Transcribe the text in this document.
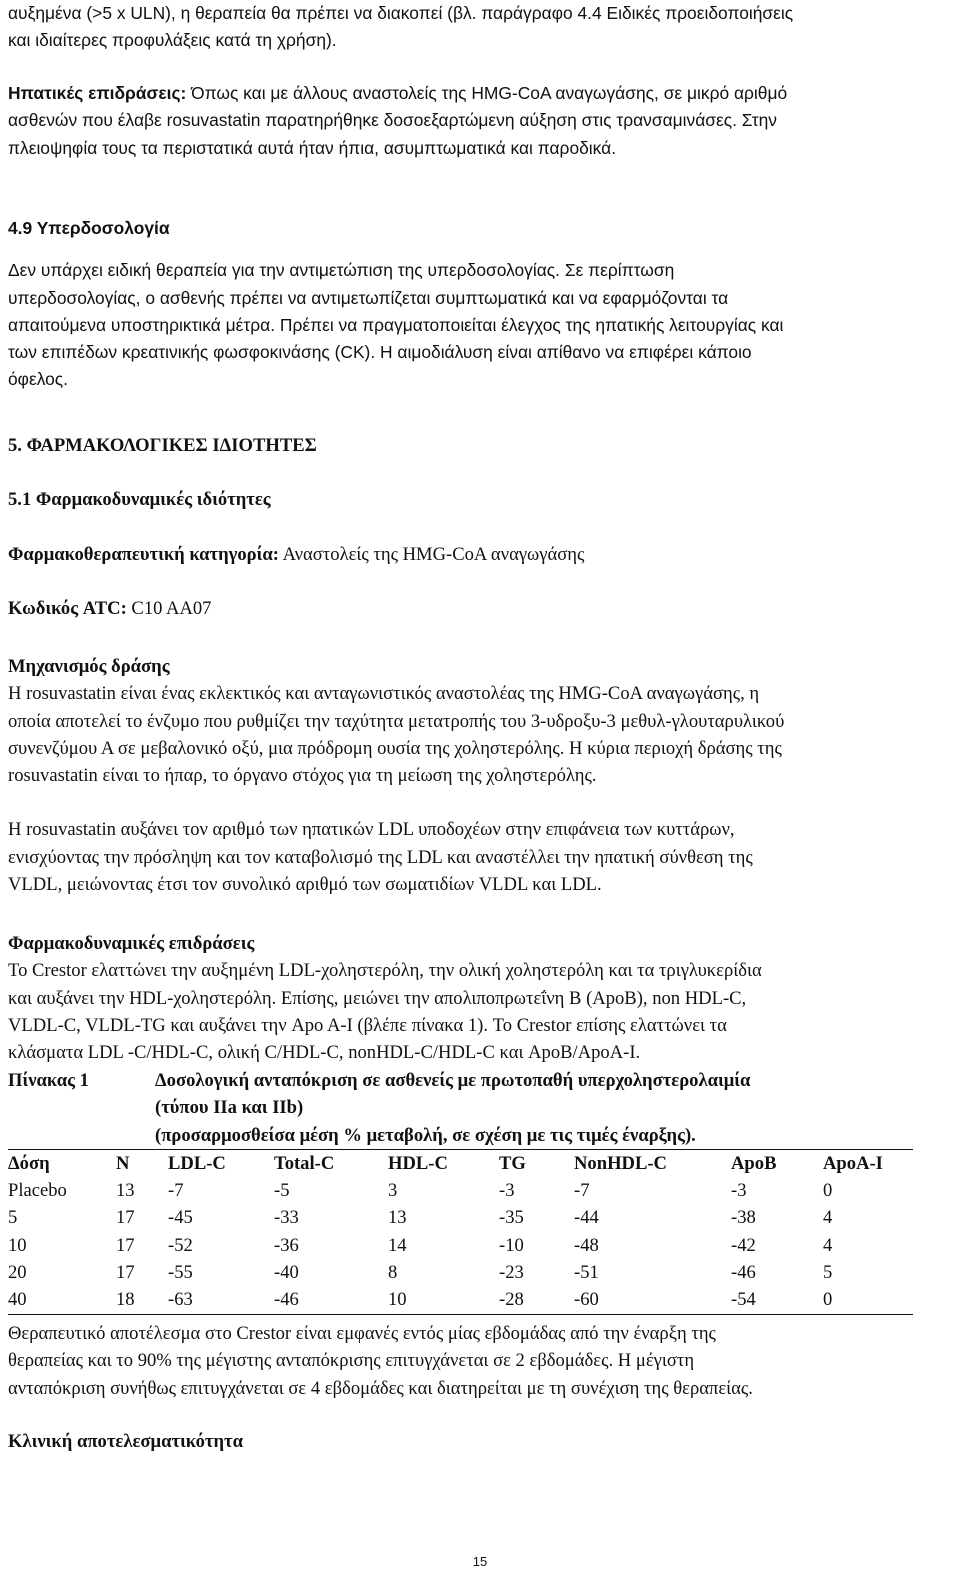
αυξημένα (>5 x ULN), η θεραπεία θα πρέπει να διακοπεί (βλ. παράγραφο 4.4 Ειδικές προειδοποιήσεις
και ιδιαίτερες προφυλάξεις κατά τη χρήση).
Ηπατικές επιδράσεις: Όπως και με άλλους αναστολείς της HMG-CoA αναγωγάσης, σε μικρό αριθμό
ασθενών που έλαβε rosuvastatin παρατηρήθηκε δοσοεξαρτώμενη αύξηση στις τρανσαμινάσες. Στην
πλειοψηφία τους τα περιστατικά αυτά ήταν ήπια, ασυμπτωματικά και παροδικά.
4.9 Υπερδοσολογία
Δεν υπάρχει ειδική θεραπεία για την αντιμετώπιση της υπερδοσολογίας. Σε περίπτωση
υπερδοσολογίας, ο ασθενής πρέπει να αντιμετωπίζεται συμπτωματικά και να εφαρμόζονται τα
απαιτούμενα υποστηρικτικά μέτρα. Πρέπει να πραγματοποιείται έλεγχος της ηπατικής λειτουργίας και
των επιπέδων κρεατινικής φωσφοκινάσης (CK). Η αιμοδιάλυση είναι απίθανο να επιφέρει κάποιο
όφελος.
5. ΦΑΡΜΑΚΟΛΟΓΙΚΕΣ ΙΔΙΟΤΗΤΕΣ
5.1 Φαρμακοδυναμικές ιδιότητες
Φαρμακοθεραπευτική κατηγορία: Αναστολείς της HMG-CoA αναγωγάσης
Κωδικός ATC: C10 AA07
Μηχανισμός δράσης
Η rosuvastatin είναι ένας εκλεκτικός και ανταγωνιστικός αναστολέας της HMG-CoA αναγωγάσης, η
οποία αποτελεί το ένζυμο που ρυθμίζει την ταχύτητα μετατροπής του 3-υδροξυ-3 μεθυλ-γλουταρυλικού
συνενζύμου Α σε μεβαλονικό οξύ, μια πρόδρομη ουσία της χοληστερόλης. Η κύρια περιοχή δράσης της
rosuvastatin είναι το ήπαρ, το όργανο στόχος για τη μείωση της χοληστερόλης.
Η rosuvastatin αυξάνει τον αριθμό των ηπατικών LDL υποδοχέων στην επιφάνεια των κυττάρων,
ενισχύοντας την πρόσληψη και τον καταβολισμό της LDL και αναστέλλει την ηπατική σύνθεση της
VLDL, μειώνοντας έτσι τον συνολικό αριθμό των σωματιδίων VLDL και LDL.
Φαρμακοδυναμικές επιδράσεις
Το Crestor ελαττώνει την αυξημένη LDL-χοληστερόλη, την ολική χοληστερόλη και τα τριγλυκερίδια
και αυξάνει την HDL-χοληστερόλη. Επίσης, μειώνει την απολιποπρωτεΐνη Β (ApoB), non HDL-C,
VLDL-C, VLDL-TG και αυξάνει την Apo A-I (βλέπε πίνακα 1). Το Crestor επίσης ελαττώνει τα
κλάσματα LDL -C/HDL-C, ολική C/HDL-C, nonHDL-C/HDL-C και ApoB/ApoA-I.
Πίνακας 1	Δοσολογική ανταπόκριση σε ασθενείς με πρωτοπαθή υπερχοληστερολαιμία
(τύπου IIa και IIb)
(προσαρμοσθείσα μέση % μεταβολή, σε σχέση με τις τιμές έναρξης).
Δόση	N	LDL-C	Total-C	HDL-C	TG	NonHDL-C	ApoB	ApoA-I
Placebo	13	-7	-5	3	-3	-7	-3	0
5	17	-45	-33	13	-35	-44	-38	4
10	17	-52	-36	14	-10	-48	-42	4
20	17	-55	-40	8	-23	-51	-46	5
40	18	-63	-46	10	-28	-60	-54	0
Θεραπευτικό αποτέλεσμα στο Crestor είναι εμφανές εντός μίας εβδομάδας από την έναρξη της
θεραπείας και το 90% της μέγιστης ανταπόκρισης επιτυγχάνεται σε 2 εβδομάδες. Η μέγιστη
ανταπόκριση συνήθως επιτυγχάνεται σε 4 εβδομάδες και διατηρείται με τη συνέχιση της θεραπείας.
Κλινική αποτελεσματικότητα
15
